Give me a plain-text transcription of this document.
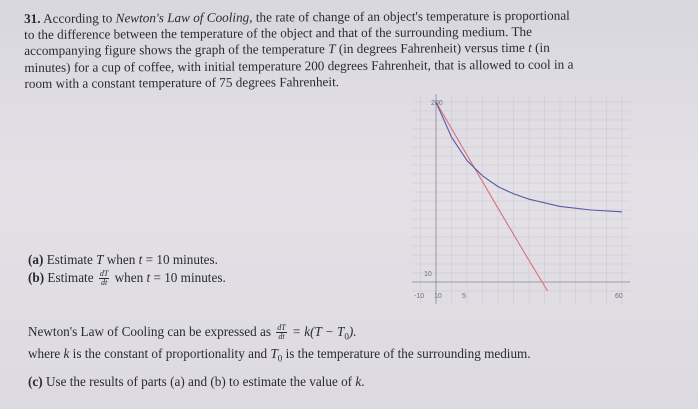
31. According to Newton's Law of Cooling, the rate of change of an object's temperature is proportional
to the difference between the temperature of the object and that of the surrounding medium. The
accompanying figure shows the graph of the temperature T (in degrees Fahrenheit) versus time t (in
minutes) for a cup of coffee, with initial temperature 200 degrees Fahrenheit, that is allowed to cool in a
room with a constant temperature of 75 degrees Fahrenheit.
200
10
-10 10	5	60
(a) Estimate T when t = 10 minutes.
(b) Estimate $\frac{dT}{dt}$ when t = 10 minutes.
Newton's Law of Cooling can be expressed as $\frac{dT}{dt} = k(T - T_0)$.
where k is the constant of proportionality and $T_0$ is the temperature of the surrounding medium.
(c) Use the results of parts (a) and (b) to estimate the value of k.
